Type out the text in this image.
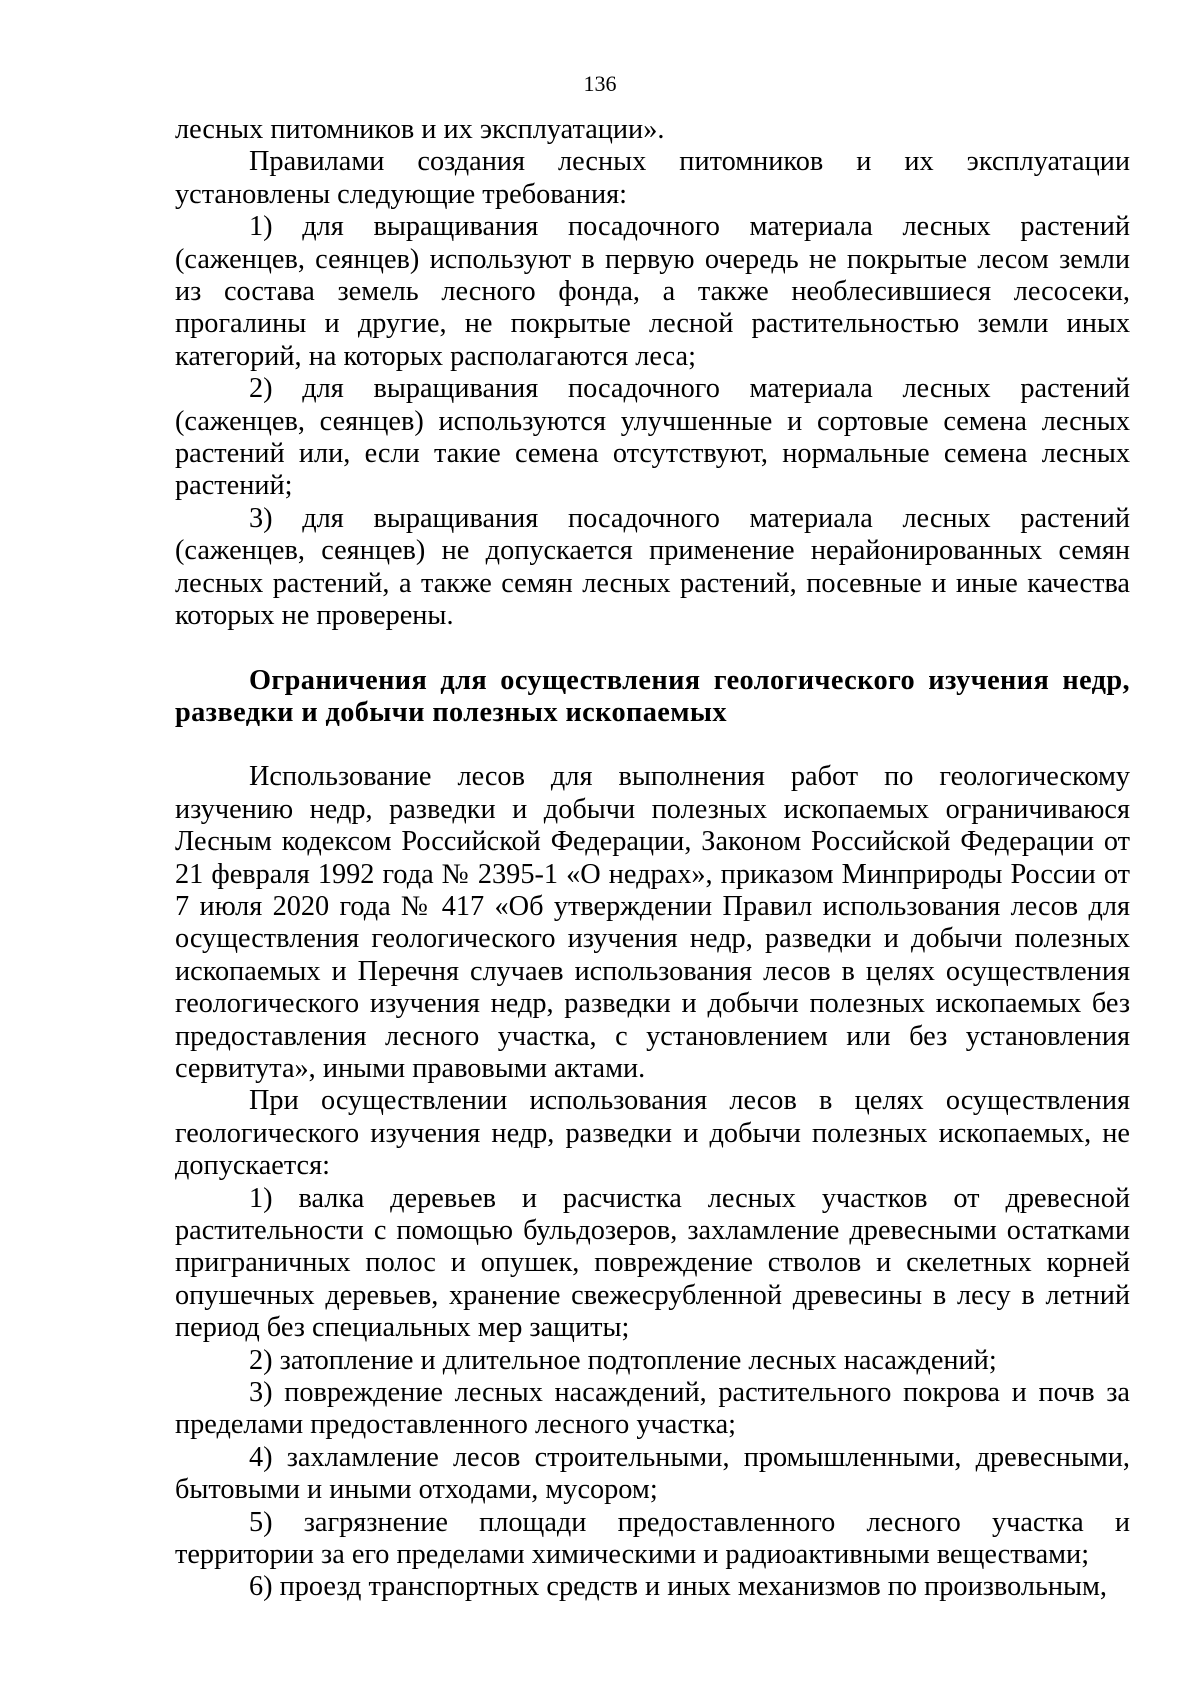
136

лесных питомников и их эксплуатации».

Правилами создания лесных питомников и их эксплуатации установлены следующие требования:

1) для выращивания посадочного материала лесных растений (саженцев, сеянцев) используют в первую очередь не покрытые лесом земли из состава земель лесного фонда, а также необлесившиеся лесосеки, прогалины и другие, не покрытые лесной растительностью земли иных категорий, на которых располагаются леса;

2) для выращивания посадочного материала лесных растений (саженцев, сеянцев) используются улучшенные и сортовые семена лесных растений или, если такие семена отсутствуют, нормальные семена лесных растений;

3) для выращивания посадочного материала лесных растений (саженцев, сеянцев) не допускается применение нерайонированных семян лесных растений, а также семян лесных растений, посевные и иные качества которых не проверены.

Ограничения для осуществления геологического изучения недр, разведки и добычи полезных ископаемых

Использование лесов для выполнения работ по геологическому изучению недр, разведки и добычи полезных ископаемых ограничиваюся Лесным кодексом Российской Федерации, Законом Российской Федерации от 21 февраля 1992 года № 2395-1 «О недрах», приказом Минприроды России от 7 июля 2020 года № 417 «Об утверждении Правил использования лесов для осуществления геологического изучения недр, разведки и добычи полезных ископаемых и Перечня случаев использования лесов в целях осуществления геологического изучения недр, разведки и добычи полезных ископаемых без предоставления лесного участка, с установлением или без установления сервитута», иными правовыми актами.

При осуществлении использования лесов в целях осуществления геологического изучения недр, разведки и добычи полезных ископаемых, не допускается:

1) валка деревьев и расчистка лесных участков от древесной растительности с помощью бульдозеров, захламление древесными остатками приграничных полос и опушек, повреждение стволов и скелетных корней опушечных деревьев, хранение свежесрубленной древесины в лесу в летний период без специальных мер защиты;

2) затопление и длительное подтопление лесных насаждений;

3) повреждение лесных насаждений, растительного покрова и почв за пределами предоставленного лесного участка;

4) захламление лесов строительными, промышленными, древесными, бытовыми и иными отходами, мусором;

5) загрязнение площади предоставленного лесного участка и территории за его пределами химическими и радиоактивными веществами;

6) проезд транспортных средств и иных механизмов по произвольным,
